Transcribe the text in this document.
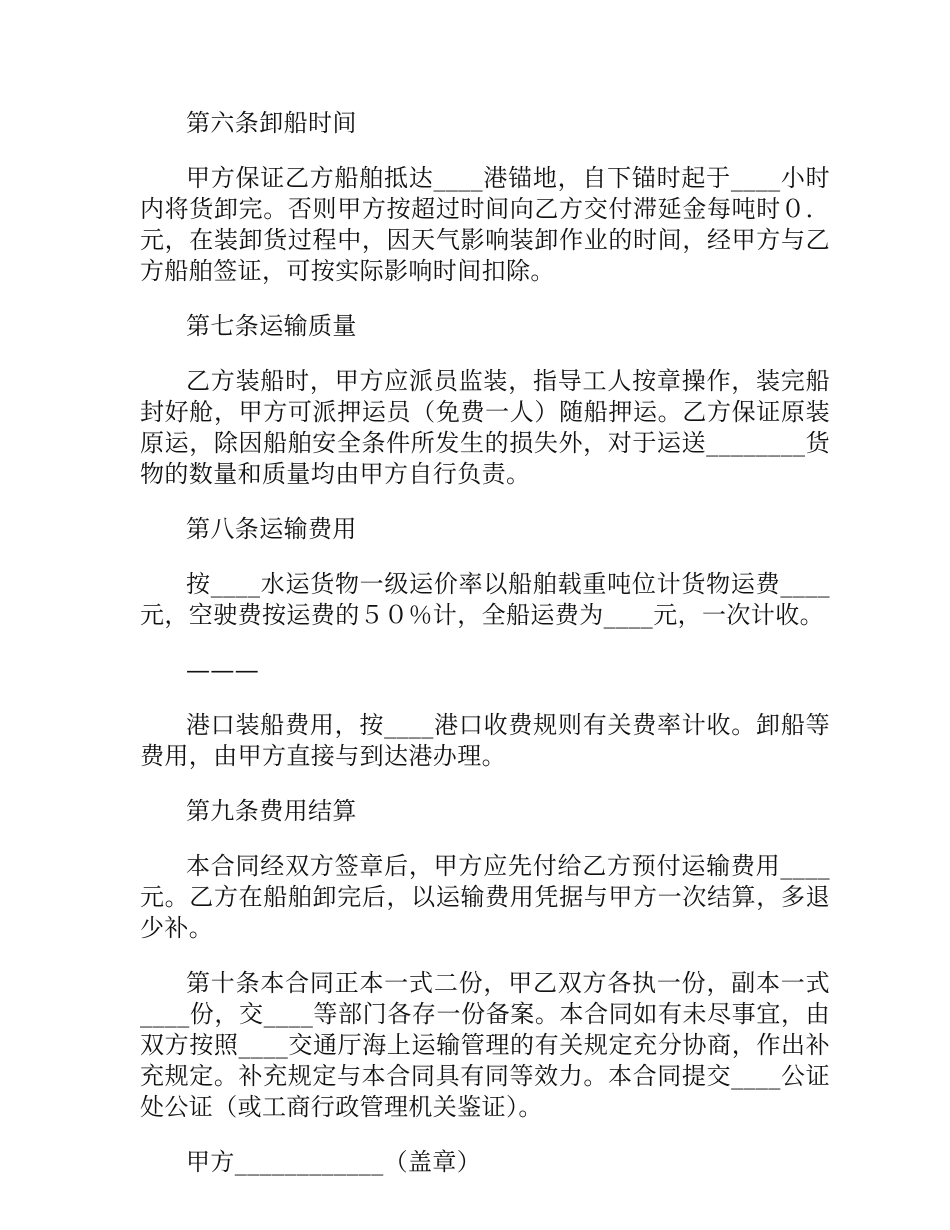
第六条卸船时间

甲方保证乙方船舶抵达____港锚地，自下锚时起于____小时内将货卸完。否则甲方按超过时间向乙方交付滞延金每吨时０．元，在装卸货过程中，因天气影响装卸作业的时间，经甲方与乙方船舶签证，可按实际影响时间扣除。

第七条运输质量

乙方装船时，甲方应派员监装，指导工人按章操作，装完船封好舱，甲方可派押运员（免费一人）随船押运。乙方保证原装原运，除因船舶安全条件所发生的损失外，对于运送________货物的数量和质量均由甲方自行负责。

第八条运输费用

按____水运货物一级运价率以船舶载重吨位计货物运费____元，空驶费按运费的５０％计，全船运费为____元，一次计收。

———

港口装船费用，按____港口收费规则有关费率计收。卸船等费用，由甲方直接与到达港办理。

第九条费用结算

本合同经双方签章后，甲方应先付给乙方预付运输费用____元。乙方在船舶卸完后，以运输费用凭据与甲方一次结算，多退少补。

第十条本合同正本一式二份，甲乙双方各执一份，副本一式____份，交____等部门各存一份备案。本合同如有未尽事宜，由双方按照____交通厅海上运输管理的有关规定充分协商，作出补充规定。补充规定与本合同具有同等效力。本合同提交____公证处公证（或工商行政管理机关鉴证）。

甲方____________（盖章）
